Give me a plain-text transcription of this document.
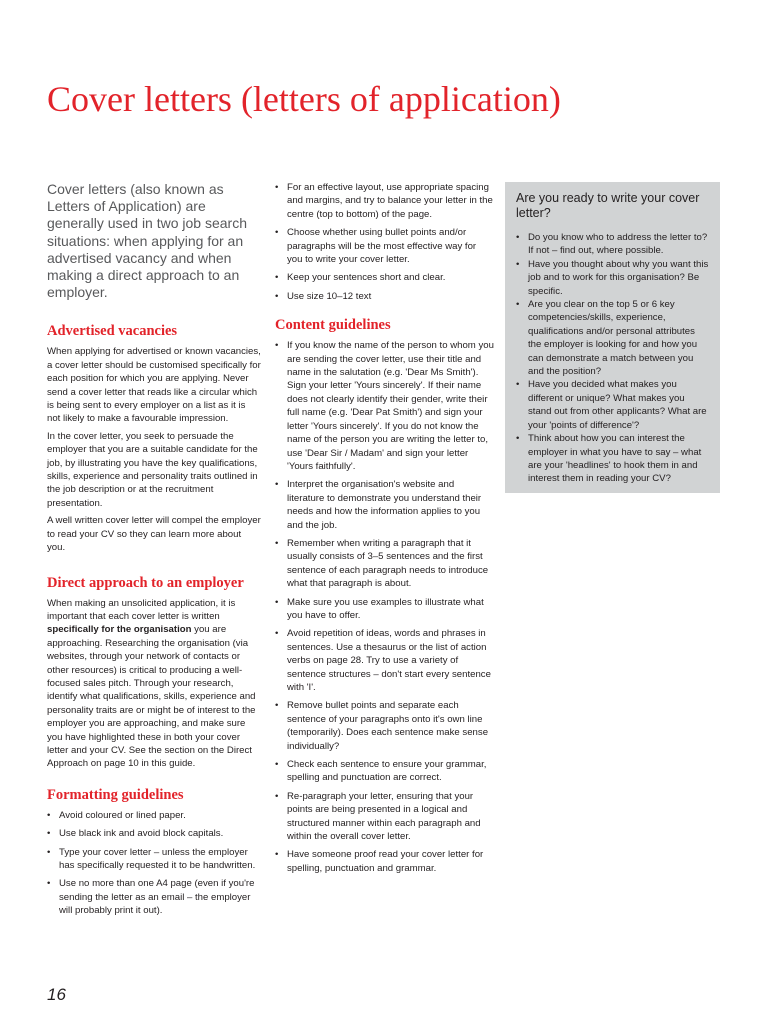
Cover letters (letters of application)

Cover letters (also known as Letters of Application) are generally used in two job search situations: when applying for an advertised vacancy and when making a direct approach to an employer.

Advertised vacancies

When applying for advertised or known vacancies, a cover letter should be customised specifically for each position for which you are applying. Never send a cover letter that reads like a circular which is being sent to every employer on a list as it is not likely to make a favourable impression.

In the cover letter, you seek to persuade the employer that you are a suitable candidate for the job, by illustrating you have the key qualifications, skills, experience and personality traits outlined in the job description or at the recruitment presentation.

A well written cover letter will compel the employer to read your CV so they can learn more about you.

Direct approach to an employer

When making an unsolicited application, it is important that each cover letter is written specifically for the organisation you are approaching. Researching the organisation (via websites, through your network of contacts or other resources) is critical to producing a well-focused sales pitch. Through your research, identify what qualifications, skills, experience and personality traits are or might be of interest to the employer you are approaching, and make sure you have highlighted these in both your cover letter and your CV. See the section on the Direct Approach on page 10 in this guide.

Formatting guidelines
• Avoid coloured or lined paper.
• Use black ink and avoid block capitals.
• Type your cover letter – unless the employer has specifically requested it to be handwritten.
• Use no more than one A4 page (even if you're sending the letter as an email – the employer will probably print it out).
• For an effective layout, use appropriate spacing and margins, and try to balance your letter in the centre (top to bottom) of the page.
• Choose whether using bullet points and/or paragraphs will be the most effective way for you to write your cover letter.
• Keep your sentences short and clear.
• Use size 10–12 text
Content guidelines
• If you know the name of the person to whom you are sending the cover letter, use their title and name in the salutation (e.g. 'Dear Ms Smith'). Sign your letter 'Yours sincerely'. If their name does not clearly identify their gender, write their full name (e.g. 'Dear Pat Smith') and sign your letter 'Yours sincerely'. If you do not know the name of the person you are writing the letter to, use 'Dear Sir / Madam' and sign your letter 'Yours faithfully'.
• Interpret the organisation's website and literature to demonstrate you understand their needs and how the information applies to you and the job.
• Remember when writing a paragraph that it usually consists of 3–5 sentences and the first sentence of each paragraph needs to introduce what that paragraph is about.
• Make sure you use examples to illustrate what you have to offer.
• Avoid repetition of ideas, words and phrases in sentences. Use a thesaurus or the list of action verbs on page 28. Try to use a variety of sentence structures – don't start every sentence with 'I'.
• Remove bullet points and separate each sentence of your paragraphs onto it's own line (temporarily). Does each sentence make sense individually?
• Check each sentence to ensure your grammar, spelling and punctuation are correct.
• Re-paragraph your letter, ensuring that your points are being presented in a logical and structured manner within each paragraph and within the overall cover letter.
• Have someone proof read your cover letter for spelling, punctuation and grammar.
Are you ready to write your cover letter?
• Do you know who to address the letter to? If not – find out, where possible.
• Have you thought about why you want this job and to work for this organisation? Be specific.
• Are you clear on the top 5 or 6 key competencies/skills, experience, qualifications and/or personal attributes the employer is looking for and how you can demonstrate a match between you and the position?
• Have you decided what makes you different or unique? What makes you stand out from other applicants? What are your 'points of difference'?
• Think about how you can interest the employer in what you have to say – what are your 'headlines' to hook them in and interest them in reading your CV?
16
